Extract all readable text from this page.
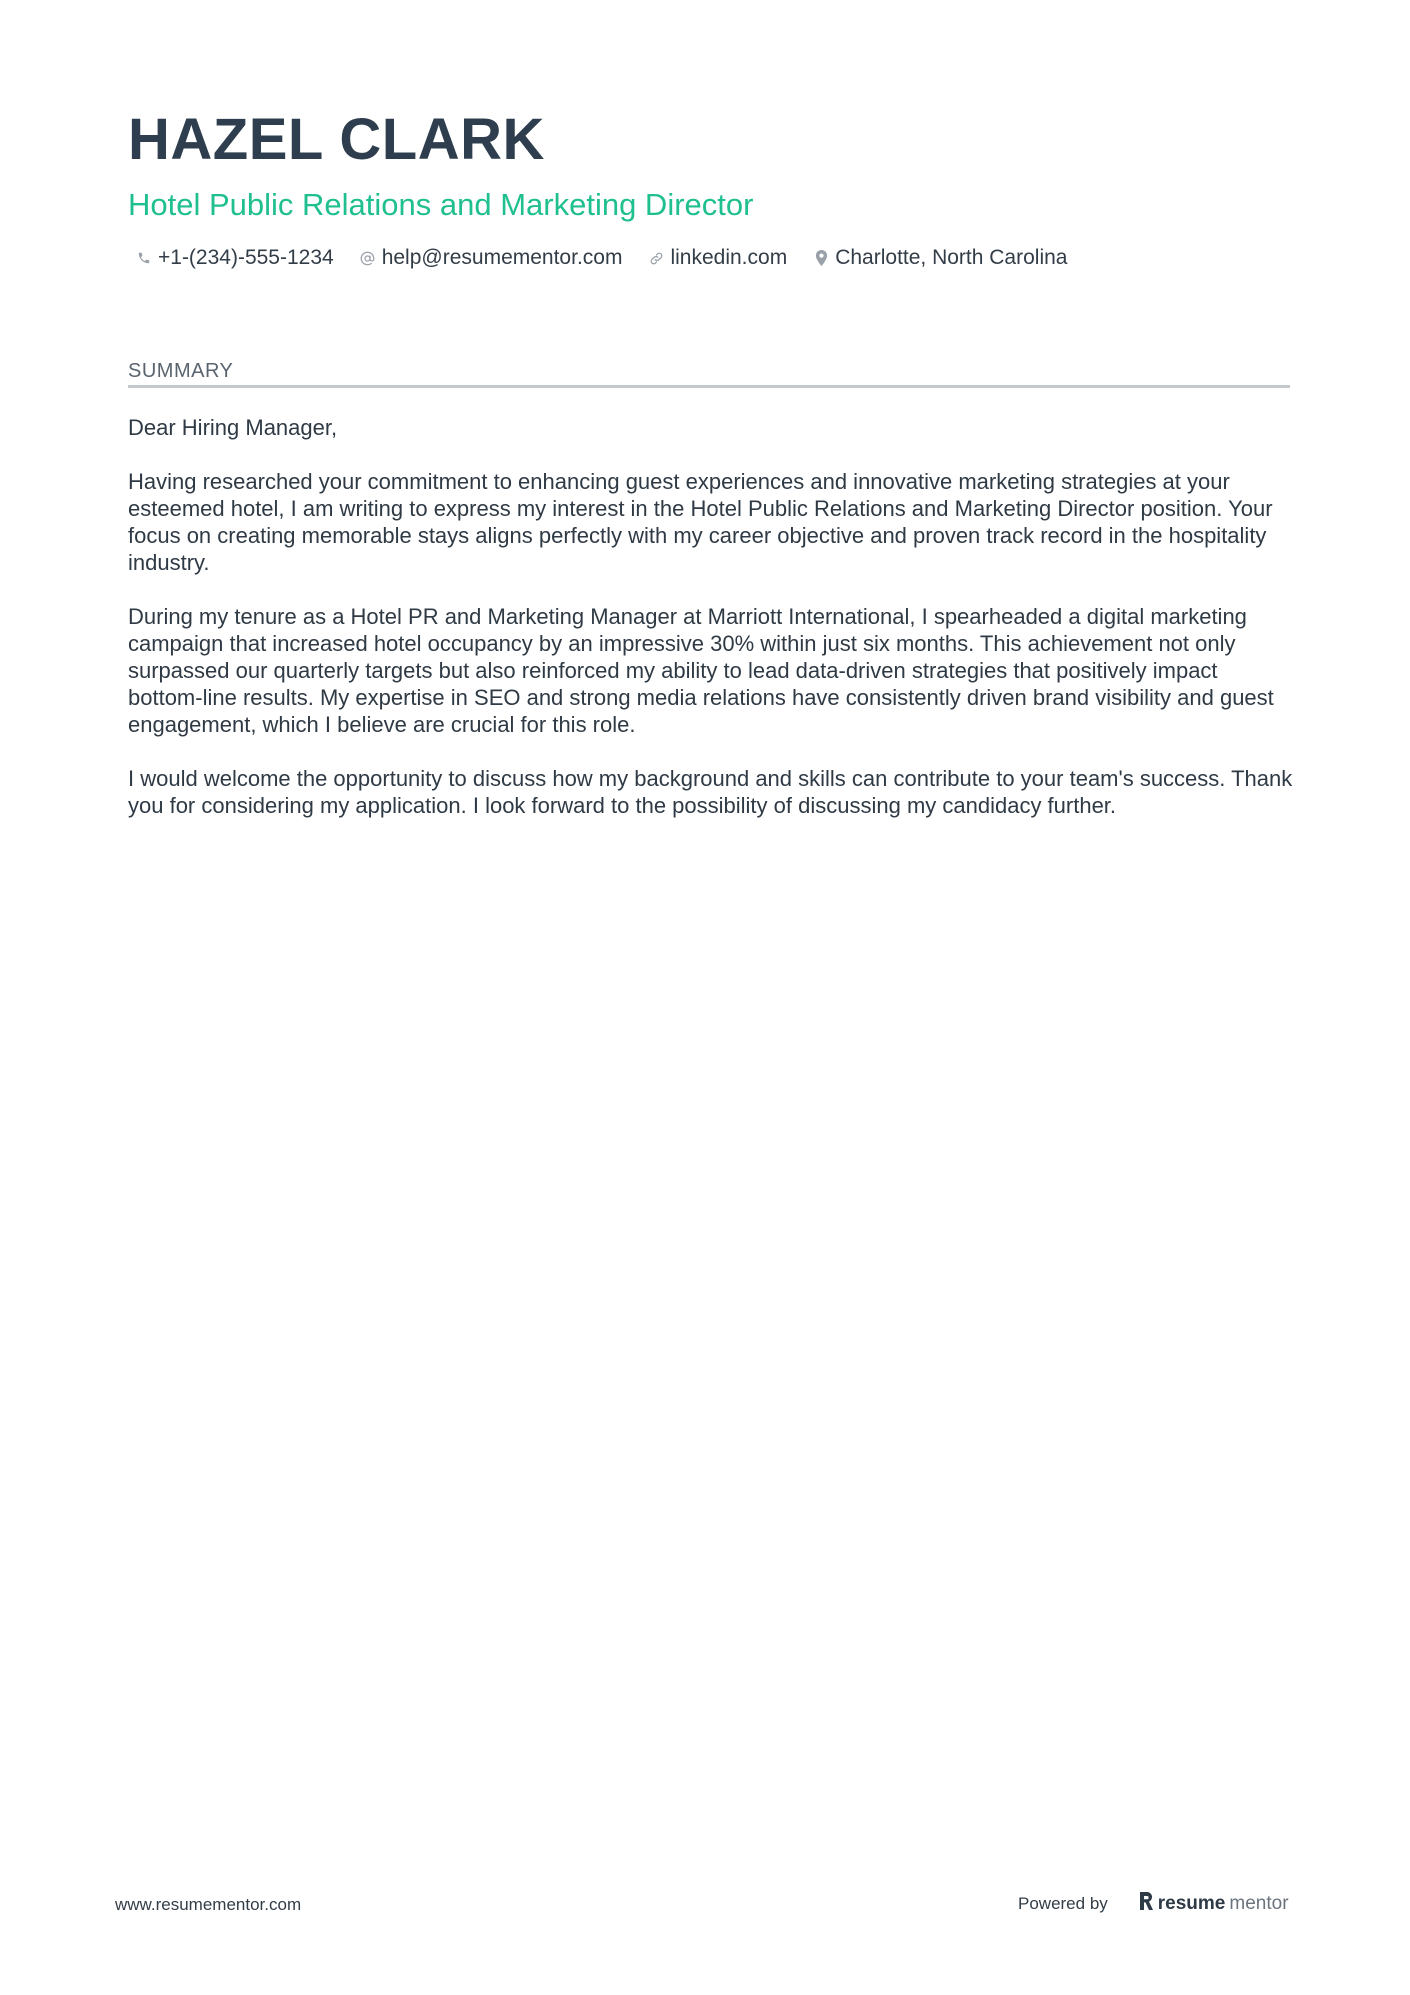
HAZEL CLARK
Hotel Public Relations and Marketing Director
+1-(234)-555-1234 help@resumementor.com linkedin.com Charlotte, North Carolina
SUMMARY

Dear Hiring Manager,

Having researched your commitment to enhancing guest experiences and innovative marketing strategies at your esteemed hotel, I am writing to express my interest in the Hotel Public Relations and Marketing Director position. Your focus on creating memorable stays aligns perfectly with my career objective and proven track record in the hospitality industry.

During my tenure as a Hotel PR and Marketing Manager at Marriott International, I spearheaded a digital marketing campaign that increased hotel occupancy by an impressive 30% within just six months. This achievement not only surpassed our quarterly targets but also reinforced my ability to lead data-driven strategies that positively impact bottom-line results. My expertise in SEO and strong media relations have consistently driven brand visibility and guest engagement, which I believe are crucial for this role.

I would welcome the opportunity to discuss how my background and skills can contribute to your team's success. Thank you for considering my application. I look forward to the possibility of discussing my candidacy further.

www.resumementor.com	Powered by	resume mentor
